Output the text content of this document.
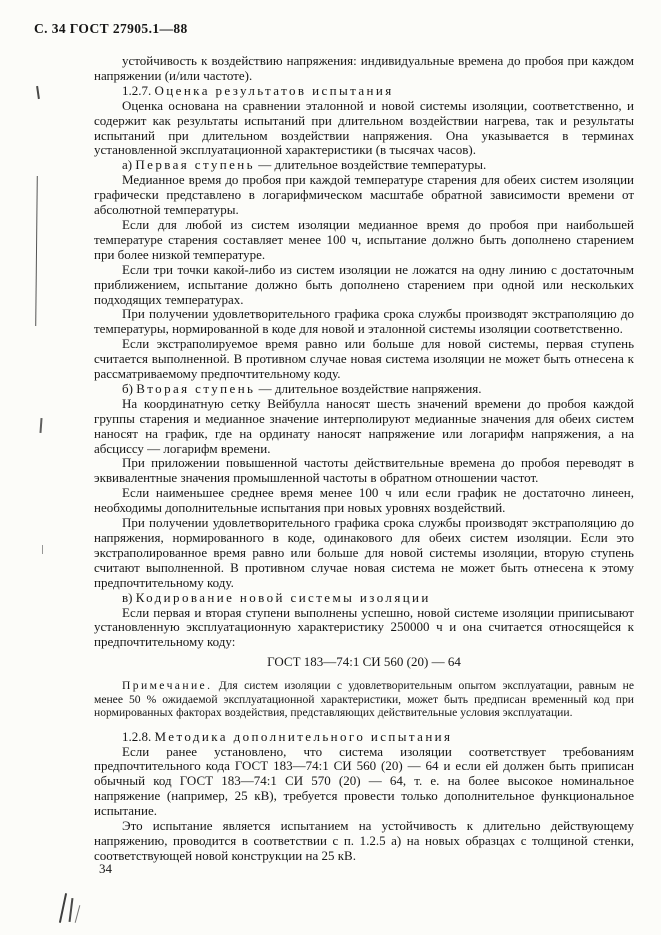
С. 34 ГОСТ 27905.1—88

устойчивость к воздействию напряжения: индивидуальные времена до пробоя при каждом напряжении (и/или частоте).

1.2.7. Оценка результатов испытания

Оценка основана на сравнении эталонной и новой системы изоляции, соответственно, и содержит как результаты испытаний при длительном воздействии нагрева, так и результаты испытаний при длительном воздействии напряжения. Она указывается в терминах установленной эксплуатационной характеристики (в тысячах часов).

а) Первая ступень — длительное воздействие температуры.

Медианное время до пробоя при каждой температуре старения для обеих систем изоляции графически представлено в логарифмическом масштабе обратной зависимости времени от абсолютной температуры.

Если для любой из систем изоляции медианное время до пробоя при наибольшей температуре старения составляет менее 100 ч, испытание должно быть дополнено старением при более низкой температуре.

Если три точки какой-либо из систем изоляции не ложатся на одну линию с достаточным приближением, испытание должно быть дополнено старением при одной или нескольких подходящих температурах.

При получении удовлетворительного графика срока службы производят экстраполяцию до температуры, нормированной в коде для новой и эталонной системы изоляции соответственно.

Если экстраполируемое время равно или больше для новой системы, первая ступень считается выполненной. В противном случае новая система изоляции не может быть отнесена к рассматриваемому предпочтительному коду.

б) Вторая ступень — длительное воздействие напряжения.

На координатную сетку Вейбулла наносят шесть значений времени до пробоя каждой группы старения и медианное значение интерполируют медианные значения для обеих систем наносят на график, где на ординату наносят напряжение или логарифм напряжения, а на абсциссу — логарифм времени.

При приложении повышенной частоты действительные времена до пробоя переводят в эквивалентные значения промышленной частоты в обратном отношении частот.

Если наименьшее среднее время менее 100 ч или если график не достаточно линеен, необходимы дополнительные испытания при новых уровнях воздействий.

При получении удовлетворительного графика срока службы производят экстраполяцию до напряжения, нормированного в коде, одинакового для обеих систем изоляции. Если это экстраполированное время равно или больше для новой системы изоляции, вторую ступень считают выполненной. В противном случае новая система не может быть отнесена к этому предпочтительному коду.

в) Кодирование новой системы изоляции

Если первая и вторая ступени выполнены успешно, новой системе изоляции приписывают установленную эксплуатационную характеристику 250000 ч и она считается относящейся к предпочтительному коду:

ГОСТ 183—74:1 СИ 560 (20) — 64

Примечание. Для систем изоляции с удовлетворительным опытом эксплуатации, равным не менее 50 % ожидаемой эксплуатационной характеристики, может быть предписан временный код при нормированных факторах воздействия, представляющих действительные условия эксплуатации.

1.2.8. Методика дополнительного испытания

Если ранее установлено, что система изоляции соответствует требованиям предпочтительного кода ГОСТ 183—74:1 СИ 560 (20) — 64 и если ей должен быть приписан обычный код ГОСТ 183—74:1 СИ 570 (20) — 64, т. е. на более высокое номинальное напряжение (например, 25 кВ), требуется провести только дополнительное функциональное испытание.

Это испытание является испытанием на устойчивость к длительно действующему напряжению, проводится в соответствии с п. 1.2.5 а) на новых образцах с толщиной стенки, соответствующей новой конструкции на 25 кВ.

34
